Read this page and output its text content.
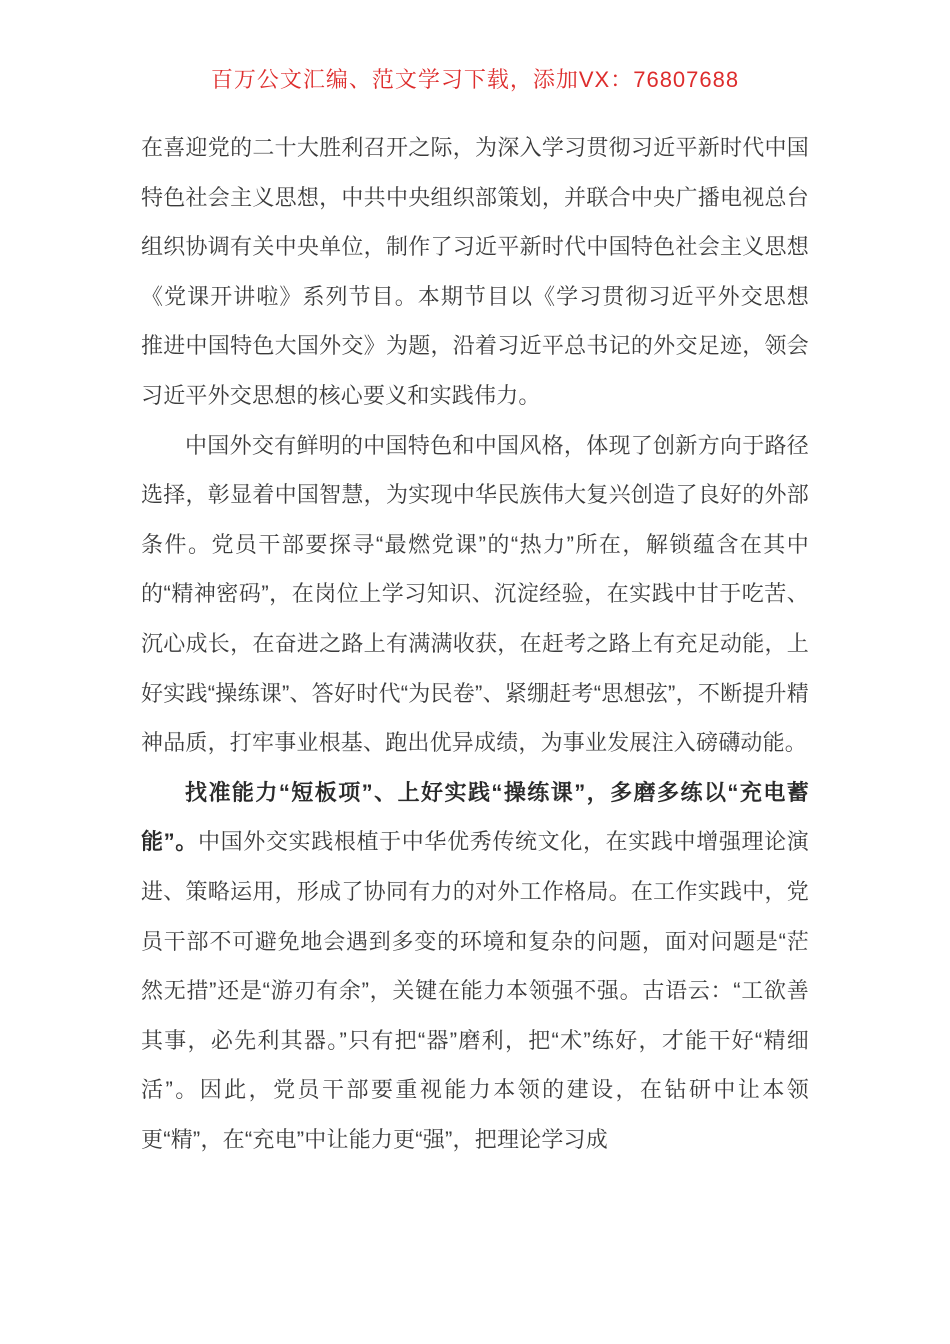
百万公文汇编、范文学习下载，添加VX：76807688

在喜迎党的二十大胜利召开之际，为深入学习贯彻习近平新时代中国特色社会主义思想，中共中央组织部策划，并联合中央广播电视总台组织协调有关中央单位，制作了习近平新时代中国特色社会主义思想《党课开讲啦》系列节目。本期节目以《学习贯彻习近平外交思想 推进中国特色大国外交》为题，沿着习近平总书记的外交足迹，领会习近平外交思想的核心要义和实践伟力。

中国外交有鲜明的中国特色和中国风格，体现了创新方向于路径选择，彰显着中国智慧，为实现中华民族伟大复兴创造了良好的外部条件。党员干部要探寻“最燃党课”的“热力”所在，解锁蕴含在其中的“精神密码”，在岗位上学习知识、沉淀经验，在实践中甘于吃苦、沉心成长，在奋进之路上有满满收获，在赶考之路上有充足动能，上好实践“操练课”、答好时代“为民卷”、紧绷赶考“思想弦”，不断提升精神品质，打牢事业根基、跑出优异成绩，为事业发展注入磅礴动能。

找准能力“短板项”、上好实践“操练课”，多磨多练以“充电蓄能”。中国外交实践根植于中华优秀传统文化，在实践中增强理论演进、策略运用，形成了协同有力的对外工作格局。在工作实践中，党员干部不可避免地会遇到多变的环境和复杂的问题，面对问题是“茫然无措”还是“游刃有余”，关键在能力本领强不强。古语云：“工欲善其事，必先利其器。”只有把“器”磨利，把“术”练好，才能干好“精细活”。因此，党员干部要重视能力本领的建设，在钻研中让本领更“精”，在“充电”中让能力更“强”，把理论学习成
